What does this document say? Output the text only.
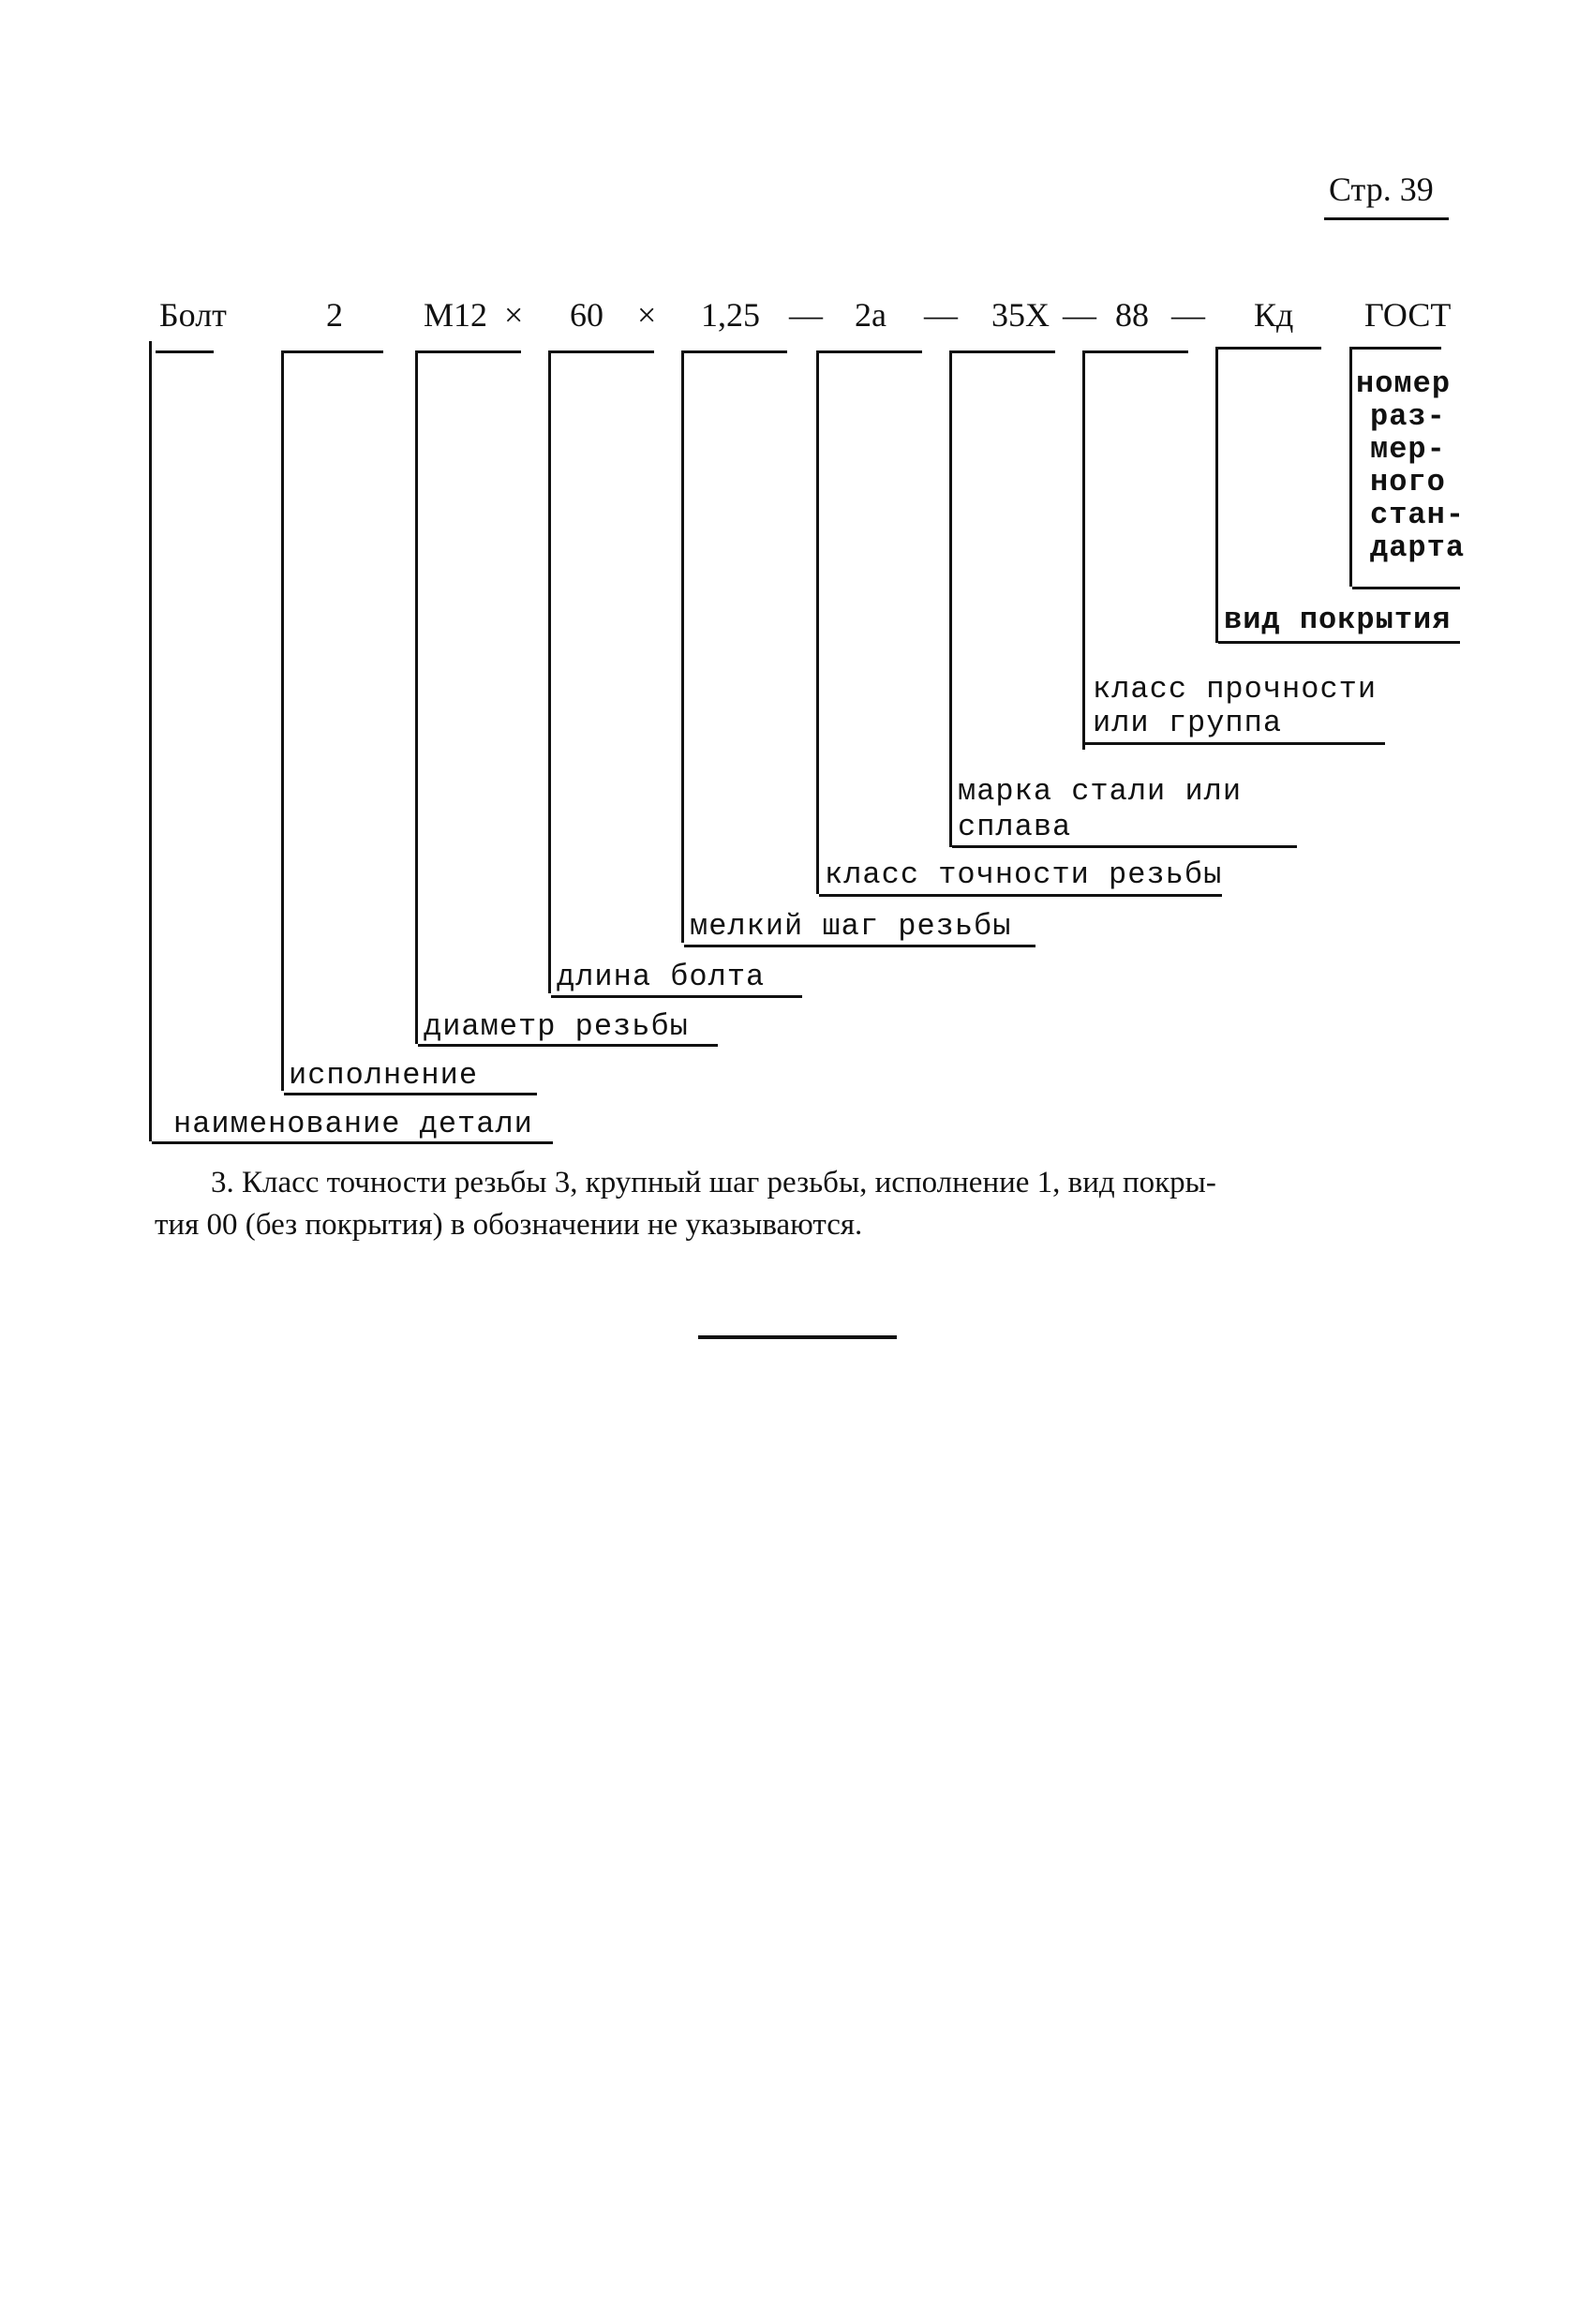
Стр. 39
Болт	2 М12 × 60 × 1,25 — 2а — 35Х — 88 — Кд ГОСТ
номер
раз-
мер-
ного
стан-
дарта
вид покрытия
класс прочности
или группа
марка стали или
сплава
класс точности резьбы
мелкий шаг резьбы
длина болта
диаметр резьбы
исполнение
наименование детали
3. Класс точности резьбы 3, крупный шаг резьбы, исполнение 1, вид покры-
тия 00 (без покрытия) в обозначении не указываются.
